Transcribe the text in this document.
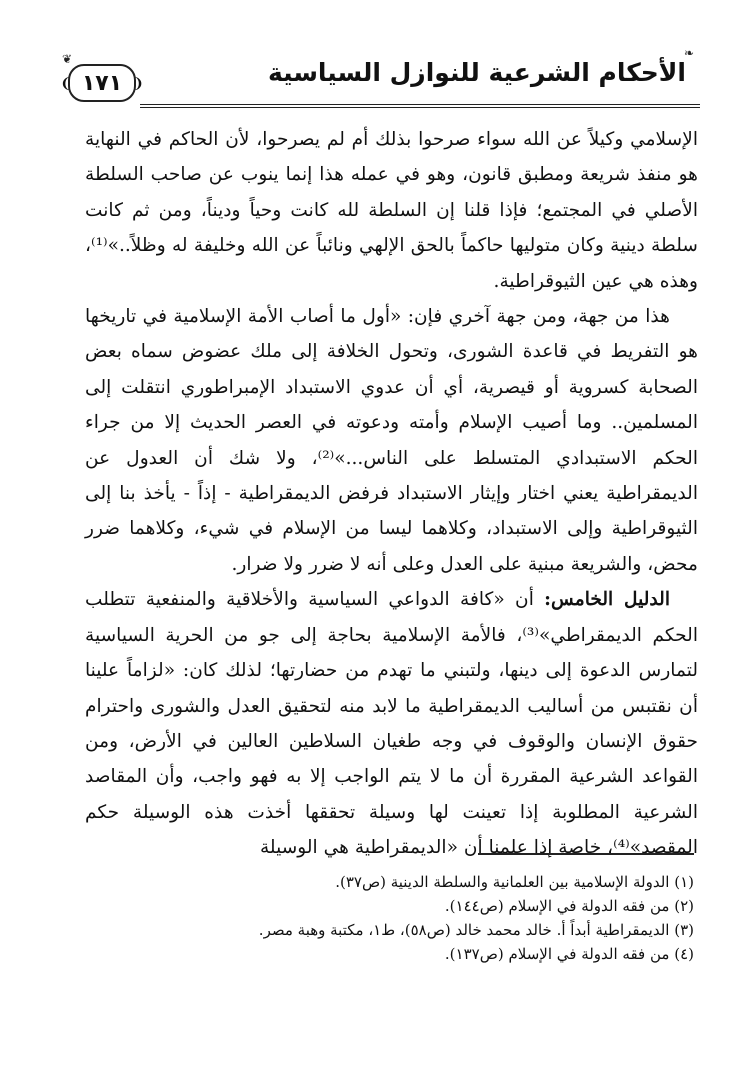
❦
❨ ١٧١ ❩	الأحكام الشرعية للنوازل السياسية
❧

الإسلامي وكيلاً عن الله سواء صرحوا بذلك أم لم يصرحوا، لأن الحاكم في النهاية هو منفذ شريعة ومطبق قانون، وهو في عمله هذا إنما ينوب عن صاحب السلطة الأصلي في المجتمع؛ فإذا قلنا إن السلطة لله كانت وحياً وديناً، ومن ثم كانت سلطة دينية وكان متوليها حاكماً بالحق الإلهي ونائباً عن الله وخليفة له وظلاً..»⁽¹⁾، وهذه هي عين الثيوقراطية.

هذا من جهة، ومن جهة آخري فإن: «أول ما أصاب الأمة الإسلامية في تاريخها هو التفريط في قاعدة الشورى، وتحول الخلافة إلى ملك عضوض سماه بعض الصحابة كسروية أو قيصرية، أي أن عدوي الاستبداد الإمبراطوري انتقلت إلى المسلمين.. وما أصيب الإسلام وأمته ودعوته في العصر الحديث إلا من جراء الحكم الاستبدادي المتسلط على الناس...»⁽²⁾، ولا شك أن العدول عن الديمقراطية يعني اختار وإيثار الاستبداد فرفض الديمقراطية - إذاً - يأخذ بنا إلى الثيوقراطية وإلى الاستبداد، وكلاهما ليسا من الإسلام في شيء، وكلاهما ضرر محض، والشريعة مبنية على العدل وعلى أنه لا ضرر ولا ضرار.

الدليل الخامس: أن «كافة الدواعي السياسية والأخلاقية والمنفعية تتطلب الحكم الديمقراطي»⁽³⁾، فالأمة الإسلامية بحاجة إلى جو من الحرية السياسية لتمارس الدعوة إلى دينها، ولتبني ما تهدم من حضارتها؛ لذلك كان: «لزاماً علينا أن نقتبس من أساليب الديمقراطية ما لابد منه لتحقيق العدل والشورى واحترام حقوق الإنسان والوقوف في وجه طغيان السلاطين العالين في الأرض، ومن القواعد الشرعية المقررة أن ما لا يتم الواجب إلا به فهو واجب، وأن المقاصد الشرعية المطلوبة إذا تعينت لها وسيلة تحققها أخذت هذه الوسيلة حكم المقصد»⁽⁴⁾، خاصة إذا علمنا أن «الديمقراطية هي الوسيلة

(١) الدولة الإسلامية بين العلمانية والسلطة الدينية (ص٣٧).
(٢) من فقه الدولة في الإسلام (ص١٤٤).
(٣) الديمقراطية أبداً أ. خالد محمد خالد (ص٥٨)، ط١، مكتبة وهبة مصر.
(٤) من فقه الدولة في الإسلام (ص١٣٧).
